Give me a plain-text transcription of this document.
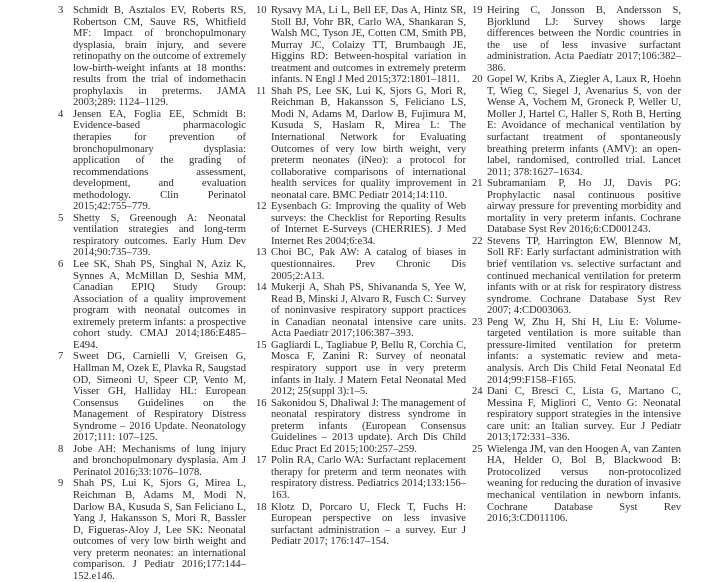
3 Schmidt B, Asztalos EV, Roberts RS, Robertson CM, Sauve RS, Whitfield MF: Impact of bronchopulmonary dysplasia, brain injury, and severe retinopathy on the outcome of extremely low-birth-weight infants at 18 months: results from the trial of indomethacin prophylaxis in preterms. JAMA 2003;289: 1124–1129.

4 Jensen EA, Foglia EE, Schmidt B: Evidence-based pharmacologic therapies for prevention of bronchopulmonary dysplasia: application of the grading of recommendations assessment, development, and evaluation methodology. Clin Perinatol 2015;42:755–779.

5 Shetty S, Greenough A: Neonatal ventilation strategies and long-term respiratory outcomes. Early Hum Dev 2014;90:735–739.

6 Lee SK, Shah PS, Singhal N, Aziz K, Synnes A, McMillan D, Seshia MM, Canadian EPIQ Study Group: Association of a quality improvement program with neonatal outcomes in extremely preterm infants: a prospective cohort study. CMAJ 2014;186:E485–E494.

7 Sweet DG, Carnielli V, Greisen G, Hallman M, Ozek E, Plavka R, Saugstad OD, Simeoni U, Speer CP, Vento M, Visser GH, Halliday HL: European Consensus Guidelines on the Management of Respiratory Distress Syndrome – 2016 Update. Neonatology 2017;111: 107–125.

8 Jobe AH: Mechanisms of lung injury and bronchopulmonary dysplasia. Am J Perinatol 2016;33:1076–1078.

9 Shah PS, Lui K, Sjors G, Mirea L, Reichman B, Adams M, Modi N, Darlow BA, Kusuda S, San Feliciano L, Yang J, Hakansson S, Mori R, Bassler D, Figueras-Aloy J, Lee SK: Neonatal outcomes of very low birth weight and very preterm neonates: an international comparison. J Pediatr 2016;177:144–152.e146.

10 Rysavy MA, Li L, Bell EF, Das A, Hintz SR, Stoll BJ, Vohr BR, Carlo WA, Shankaran S, Walsh MC, Tyson JE, Cotten CM, Smith PB, Murray JC, Colaizy TT, Brumbaugh JE, Higgins RD: Between-hospital variation in treatment and outcomes in extremely preterm infants. N Engl J Med 2015;372:1801–1811.

11 Shah PS, Lee SK, Lui K, Sjors G, Mori R, Reichman B, Hakansson S, Feliciano LS, Modi N, Adams M, Darlow B, Fujimura M, Kusuda S, Haslam R, Mirea L: The International Network for Evaluating Outcomes of very low birth weight, very preterm neonates (iNeo): a protocol for collaborative comparisons of international health services for quality improvement in neonatal care. BMC Pediatr 2014;14:110.

12 Eysenbach G: Improving the quality of Web surveys: the Checklist for Reporting Results of Internet E-Surveys (CHERRIES). J Med Internet Res 2004;6:e34.

13 Choi BC, Pak AW: A catalog of biases in questionnaires. Prev Chronic Dis 2005;2:A13.

14 Mukerji A, Shah PS, Shivananda S, Yee W, Read B, Minski J, Alvaro R, Fusch C: Survey of noninvasive respiratory support practices in Canadian neonatal intensive care units. Acta Paediatr 2017;106:387–393.

15 Gagliardi L, Tagliabue P, Bellu R, Corchia C, Mosca F, Zanini R: Survey of neonatal respiratory support use in very preterm infants in Italy. J Matern Fetal Neonatal Med 2012; 25(suppl 3):1–5.

16 Sakonidou S, Dhaliwal J: The management of neonatal respiratory distress syndrome in preterm infants (European Consensus Guidelines – 2013 update). Arch Dis Child Educ Pract Ed 2015;100:257–259.

17 Polin RA, Carlo WA: Surfactant replacement therapy for preterm and term neonates with respiratory distress. Pediatrics 2014;133:156–163.

18 Klotz D, Porcaro U, Fleck T, Fuchs H: European perspective on less invasive surfactant administration – a survey. Eur J Pediatr 2017; 176:147–154.

19 Heiring C, Jonsson B, Andersson S, Bjorklund LJ: Survey shows large differences between the Nordic countries in the use of less invasive surfactant administration. Acta Paediatr 2017;106:382–386.

20 Gopel W, Kribs A, Ziegler A, Laux R, Hoehn T, Wieg C, Siegel J, Avenarius S, von der Wense A, Vochem M, Groneck P, Weller U, Moller J, Hartel C, Haller S, Roth B, Herting E: Avoidance of mechanical ventilation by surfactant treatment of spontaneously breathing preterm infants (AMV): an open-label, randomised, controlled trial. Lancet 2011; 378:1627–1634.

21 Subramaniam P, Ho JJ, Davis PG: Prophylactic nasal continuous positive airway pressure for preventing morbidity and mortality in very preterm infants. Cochrane Database Syst Rev 2016;6:CD001243.

22 Stevens TP, Harrington EW, Blennow M, Soll RF: Early surfactant administration with brief ventilation vs. selective surfactant and continued mechanical ventilation for preterm infants with or at risk for respiratory distress syndrome. Cochrane Database Syst Rev 2007; 4:CD003063.

23 Peng W, Zhu H, Shi H, Liu E: Volume-targeted ventilation is more suitable than pressure-limited ventilation for preterm infants: a systematic review and meta-analysis. Arch Dis Child Fetal Neonatal Ed 2014;99:F158–F165.

24 Dani C, Bresci C, Lista G, Martano C, Messina F, Migliori C, Vento G: Neonatal respiratory support strategies in the intensive care unit: an Italian survey. Eur J Pediatr 2013;172:331–336.

25 Wielenga JM, van den Hoogen A, van Zanten HA, Helder O, Bol B, Blackwood B: Protocolized versus non-protocolized weaning for reducing the duration of invasive mechanical ventilation in newborn infants. Cochrane Database Syst Rev 2016;3:CD011106.
